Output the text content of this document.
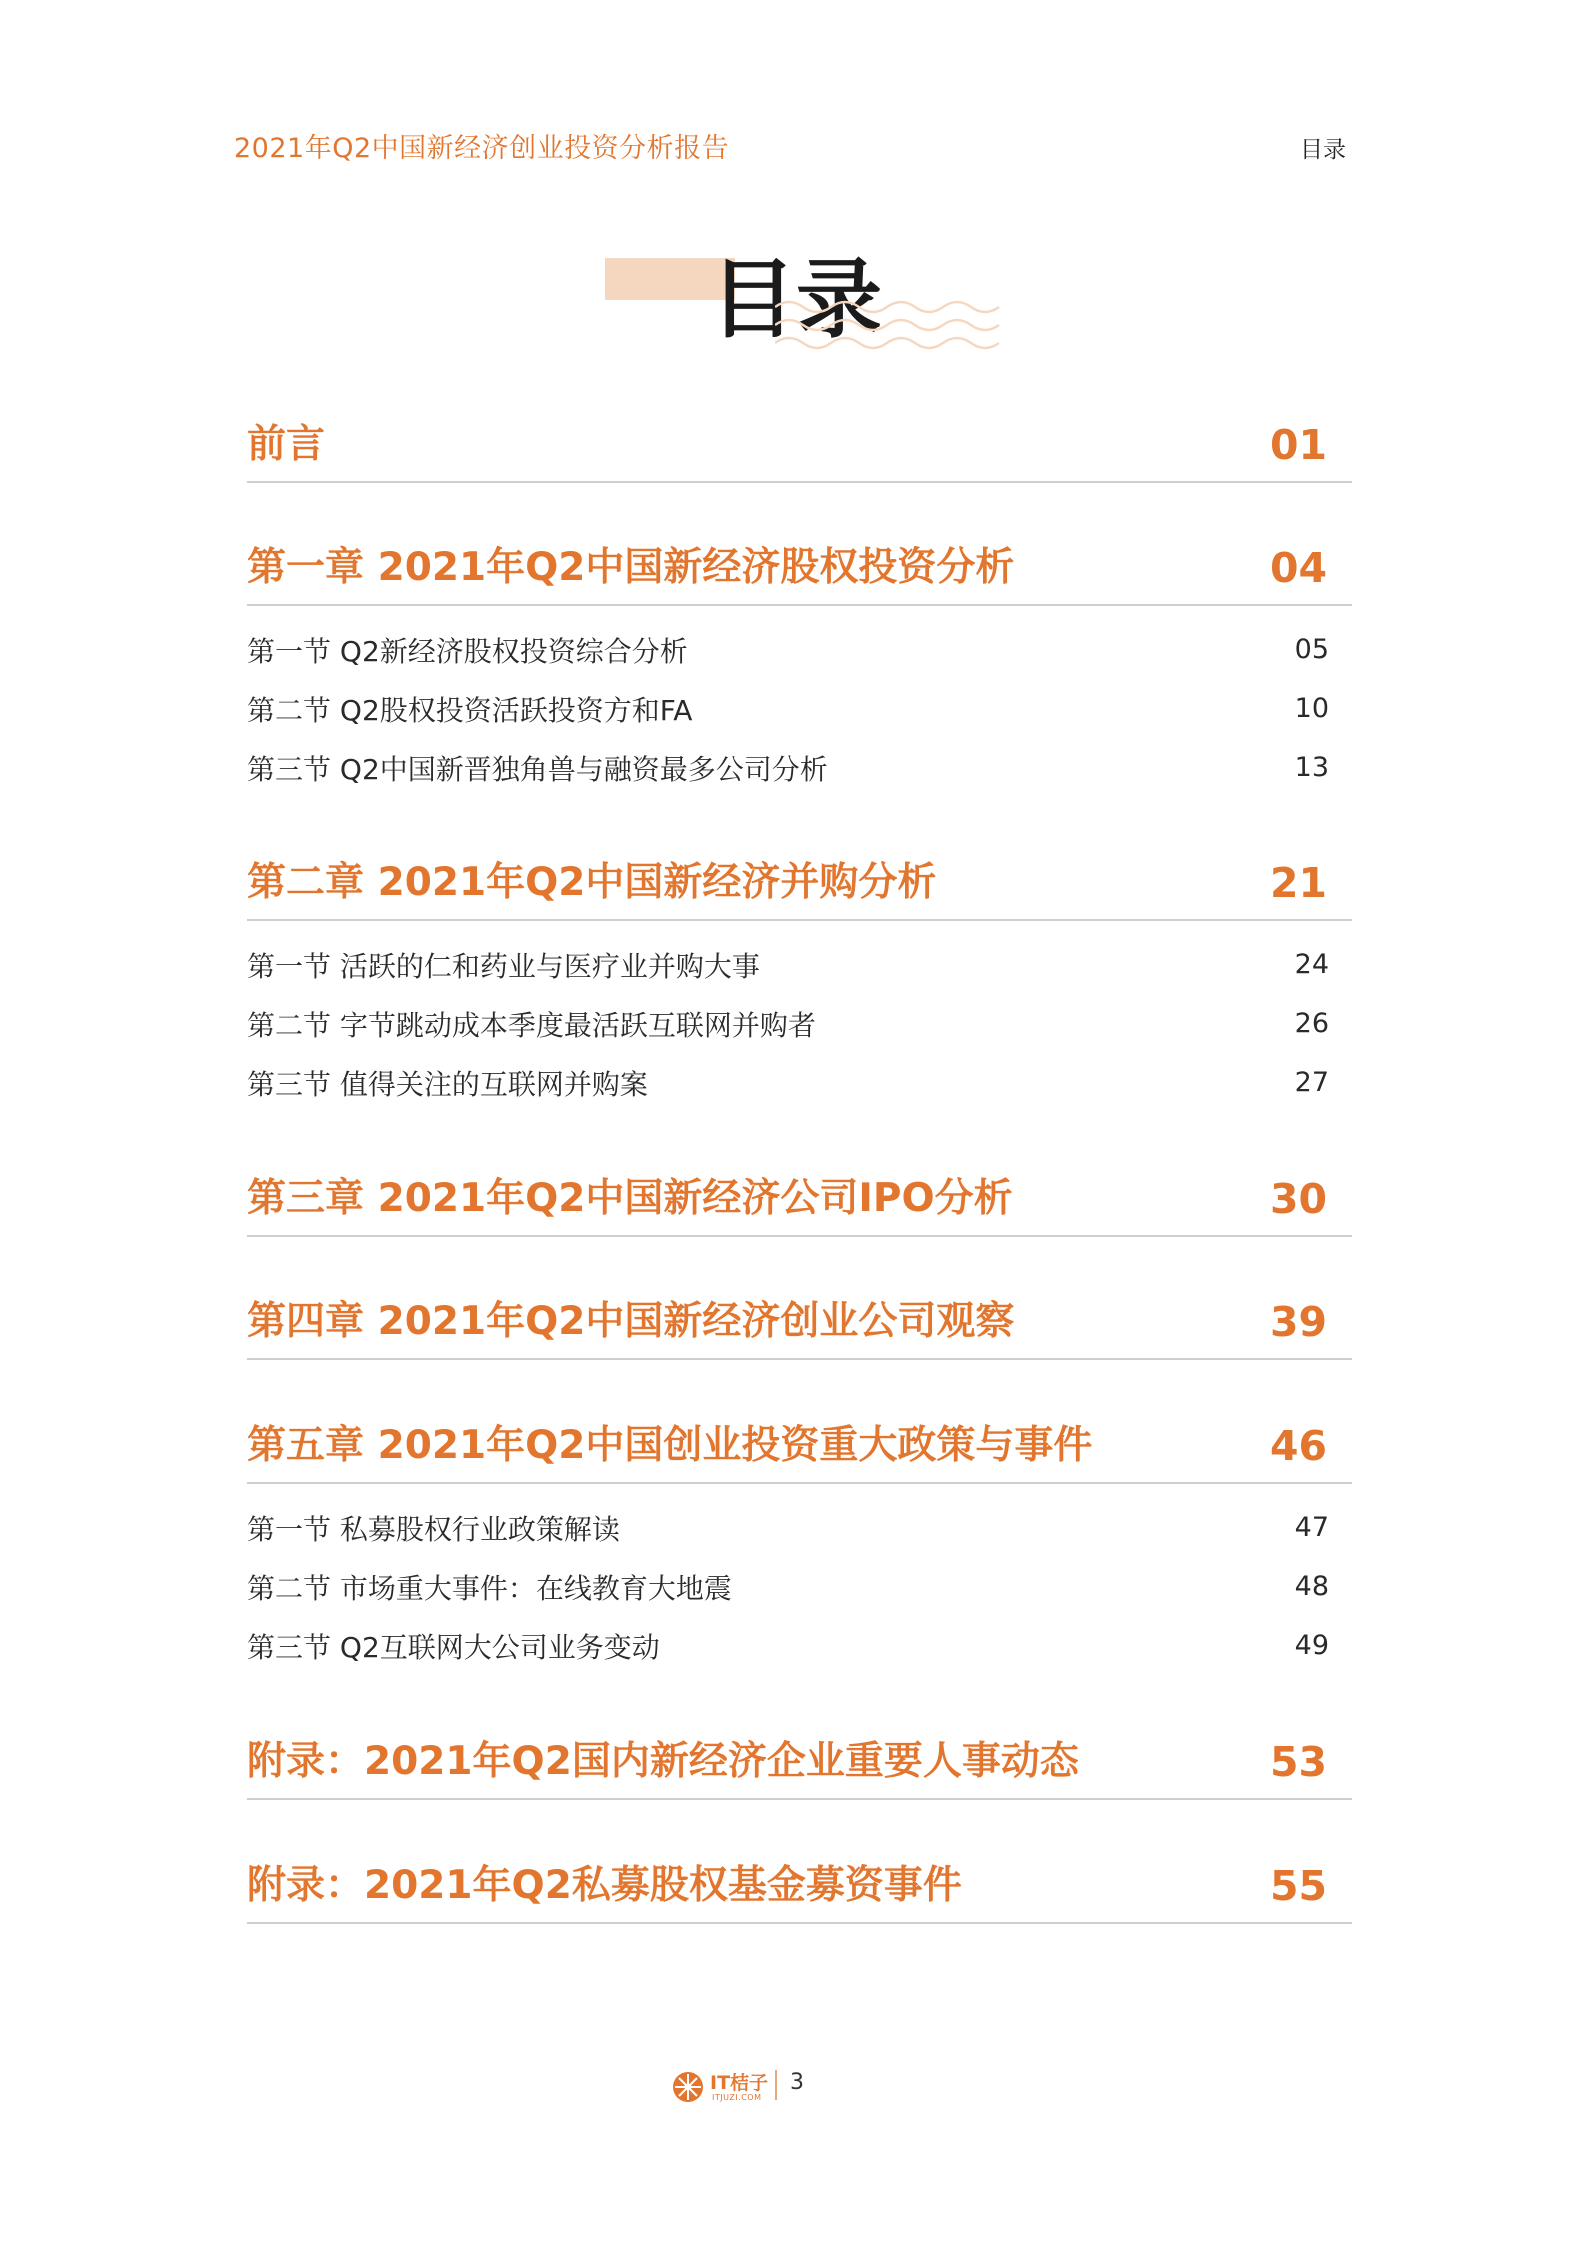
2021年Q2中国新经济创业投资分析报告	目录
目录
前言	01
第一章 2021年Q2中国新经济股权投资分析	04
第一节 Q2新经济股权投资综合分析	05
第二节 Q2股权投资活跃投资方和FA	10
第三节 Q2中国新晋独角兽与融资最多公司分析	13
第二章 2021年Q2中国新经济并购分析	21
第一节 活跃的仁和药业与医疗业并购大事	24
第二节 字节跳动成本季度最活跃互联网并购者	26
第三节 值得关注的互联网并购案	27
第三章 2021年Q2中国新经济公司IPO分析	30
第四章 2021年Q2中国新经济创业公司观察	39
第五章 2021年Q2中国创业投资重大政策与事件	46
第一节 私募股权行业政策解读	47
第二节 市场重大事件：在线教育大地震	48
第三节 Q2互联网大公司业务变动	49
附录：2021年Q2国内新经济企业重要人事动态	53
附录：2021年Q2私募股权基金募资事件	55
IT桔子
ITJUZI.COM
3
